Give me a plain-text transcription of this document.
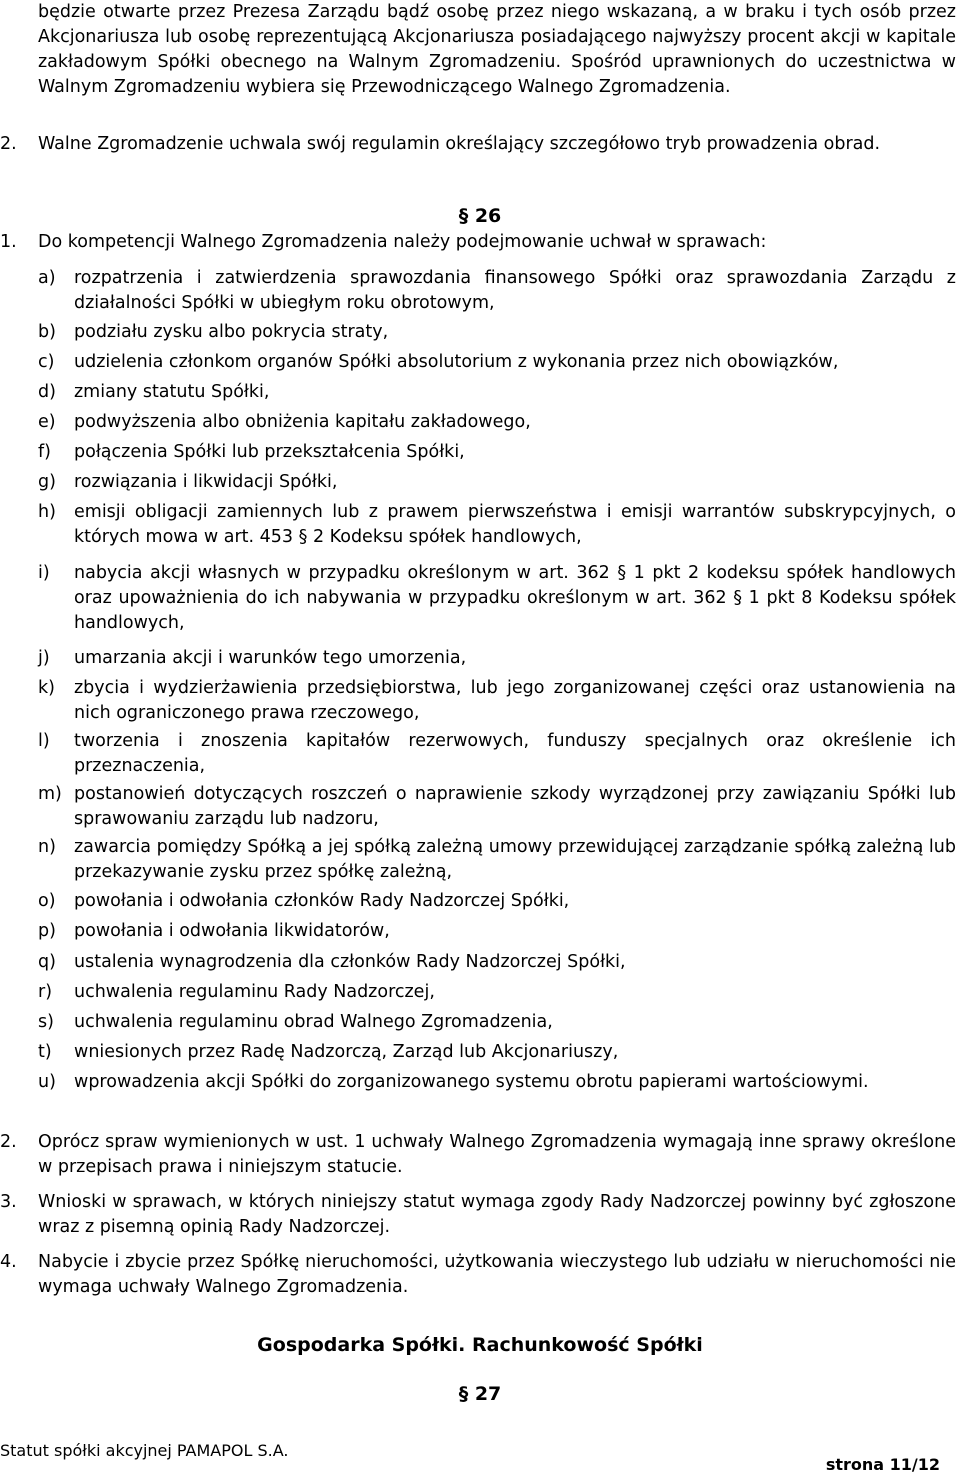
będzie otwarte przez Prezesa Zarządu bądź osobę przez niego wskazaną, a w braku i tych osób przez Akcjonariusza lub osobę reprezentującą Akcjonariusza posiadającego najwyższy procent akcji w kapitale zakładowym Spółki obecnego na Walnym Zgromadzeniu. Spośród uprawnionych do uczestnictwa w Walnym Zgromadzeniu wybiera się Przewodniczącego Walnego Zgromadzenia.
2. Walne Zgromadzenie uchwala swój regulamin określający szczegółowo tryb prowadzenia obrad.
§ 26
1. Do kompetencji Walnego Zgromadzenia należy podejmowanie uchwał w sprawach:
a) rozpatrzenia i zatwierdzenia sprawozdania finansowego Spółki oraz sprawozdania Zarządu z działalności Spółki w ubiegłym roku obrotowym,
b) podziału zysku albo pokrycia straty,
c) udzielenia członkom organów Spółki absolutorium z wykonania przez nich obowiązków,
d) zmiany statutu Spółki,
e) podwyższenia albo obniżenia kapitału zakładowego,
f) połączenia Spółki lub przekształcenia Spółki,
g) rozwiązania i likwidacji Spółki,
h) emisji obligacji zamiennych lub z prawem pierwszeństwa i emisji warrantów subskrypcyjnych, o których mowa w art. 453 § 2 Kodeksu spółek handlowych,
i) nabycia akcji własnych w przypadku określonym w art. 362 § 1 pkt 2 kodeksu spółek handlowych oraz upoważnienia do ich nabywania w przypadku określonym w art. 362 § 1 pkt 8 Kodeksu spółek handlowych,
j) umarzania akcji i warunków tego umorzenia,
k) zbycia i wydzierżawienia przedsiębiorstwa, lub jego zorganizowanej części oraz ustanowienia na nich ograniczonego prawa rzeczowego,
l) tworzenia i znoszenia kapitałów rezerwowych, funduszy specjalnych oraz określenie ich przeznaczenia,
m) postanowień dotyczących roszczeń o naprawienie szkody wyrządzonej przy zawiązaniu Spółki lub sprawowaniu zarządu lub nadzoru,
n) zawarcia pomiędzy Spółką a jej spółką zależną umowy przewidującej zarządzanie spółką zależną lub przekazywanie zysku przez spółkę zależną,
o) powołania i odwołania członków Rady Nadzorczej Spółki,
p) powołania i odwołania likwidatorów,
q) ustalenia wynagrodzenia dla członków Rady Nadzorczej Spółki,
r) uchwalenia regulaminu Rady Nadzorczej,
s) uchwalenia regulaminu obrad Walnego Zgromadzenia,
t) wniesionych przez Radę Nadzorczą, Zarząd lub Akcjonariuszy,
u) wprowadzenia akcji Spółki do zorganizowanego systemu obrotu papierami wartościowymi.
2. Oprócz spraw wymienionych w ust. 1 uchwały Walnego Zgromadzenia wymagają inne sprawy określone w przepisach prawa i niniejszym statucie.
3. Wnioski w sprawach, w których niniejszy statut wymaga zgody Rady Nadzorczej powinny być zgłoszone wraz z pisemną opinią Rady Nadzorczej.
4. Nabycie i zbycie przez Spółkę nieruchomości, użytkowania wieczystego lub udziału w nieruchomości nie wymaga uchwały Walnego Zgromadzenia.
Gospodarka Spółki. Rachunkowość Spółki
§ 27
Statut spółki akcyjnej PAMAPOL S.A.
strona 11/12
